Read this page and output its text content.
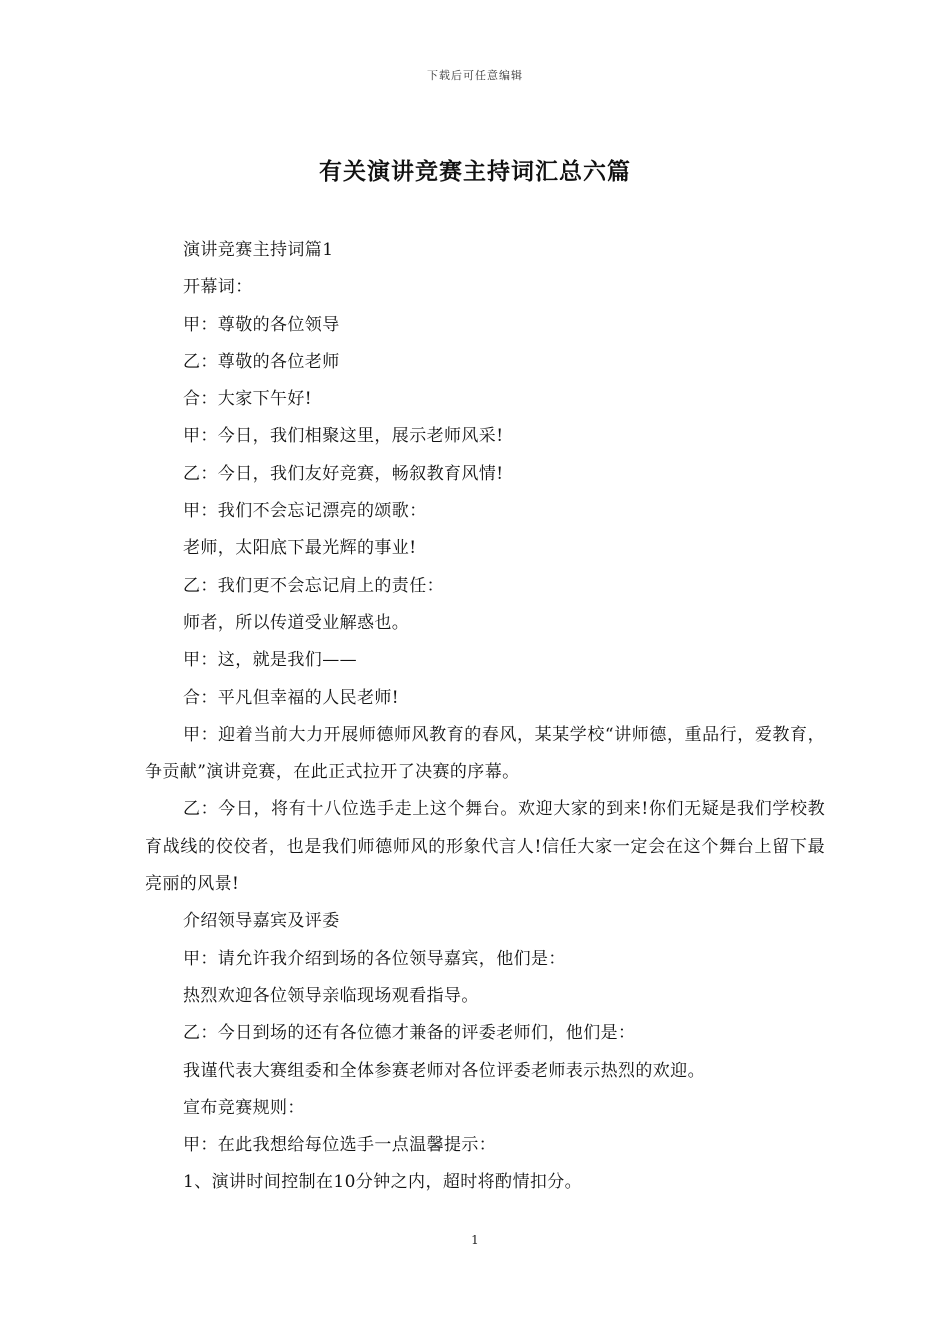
下载后可任意编辑
有关演讲竞赛主持词汇总六篇

演讲竞赛主持词篇1

开幕词：

甲：尊敬的各位领导

乙：尊敬的各位老师

合：大家下午好!

甲：今日，我们相聚这里，展示老师风采!

乙：今日，我们友好竞赛，畅叙教育风情!

甲：我们不会忘记漂亮的颂歌：

老师，太阳底下最光辉的事业!

乙：我们更不会忘记肩上的责任：

师者，所以传道受业解惑也。

甲：这，就是我们——

合：平凡但幸福的人民老师!

甲：迎着当前大力开展师德师风教育的春风，某某学校“讲师德，重品行，爱教育，争贡献”演讲竞赛，在此正式拉开了决赛的序幕。

乙：今日，将有十八位选手走上这个舞台。欢迎大家的到来!你们无疑是我们学校教育战线的佼佼者，也是我们师德师风的形象代言人!信任大家一定会在这个舞台上留下最亮丽的风景!

介绍领导嘉宾及评委

甲：请允许我介绍到场的各位领导嘉宾，他们是：

热烈欢迎各位领导亲临现场观看指导。

乙：今日到场的还有各位德才兼备的评委老师们，他们是：

我谨代表大赛组委和全体参赛老师对各位评委老师表示热烈的欢迎。

宣布竞赛规则：

甲：在此我想给每位选手一点温馨提示：

1、演讲时间控制在10分钟之内，超时将酌情扣分。

1
